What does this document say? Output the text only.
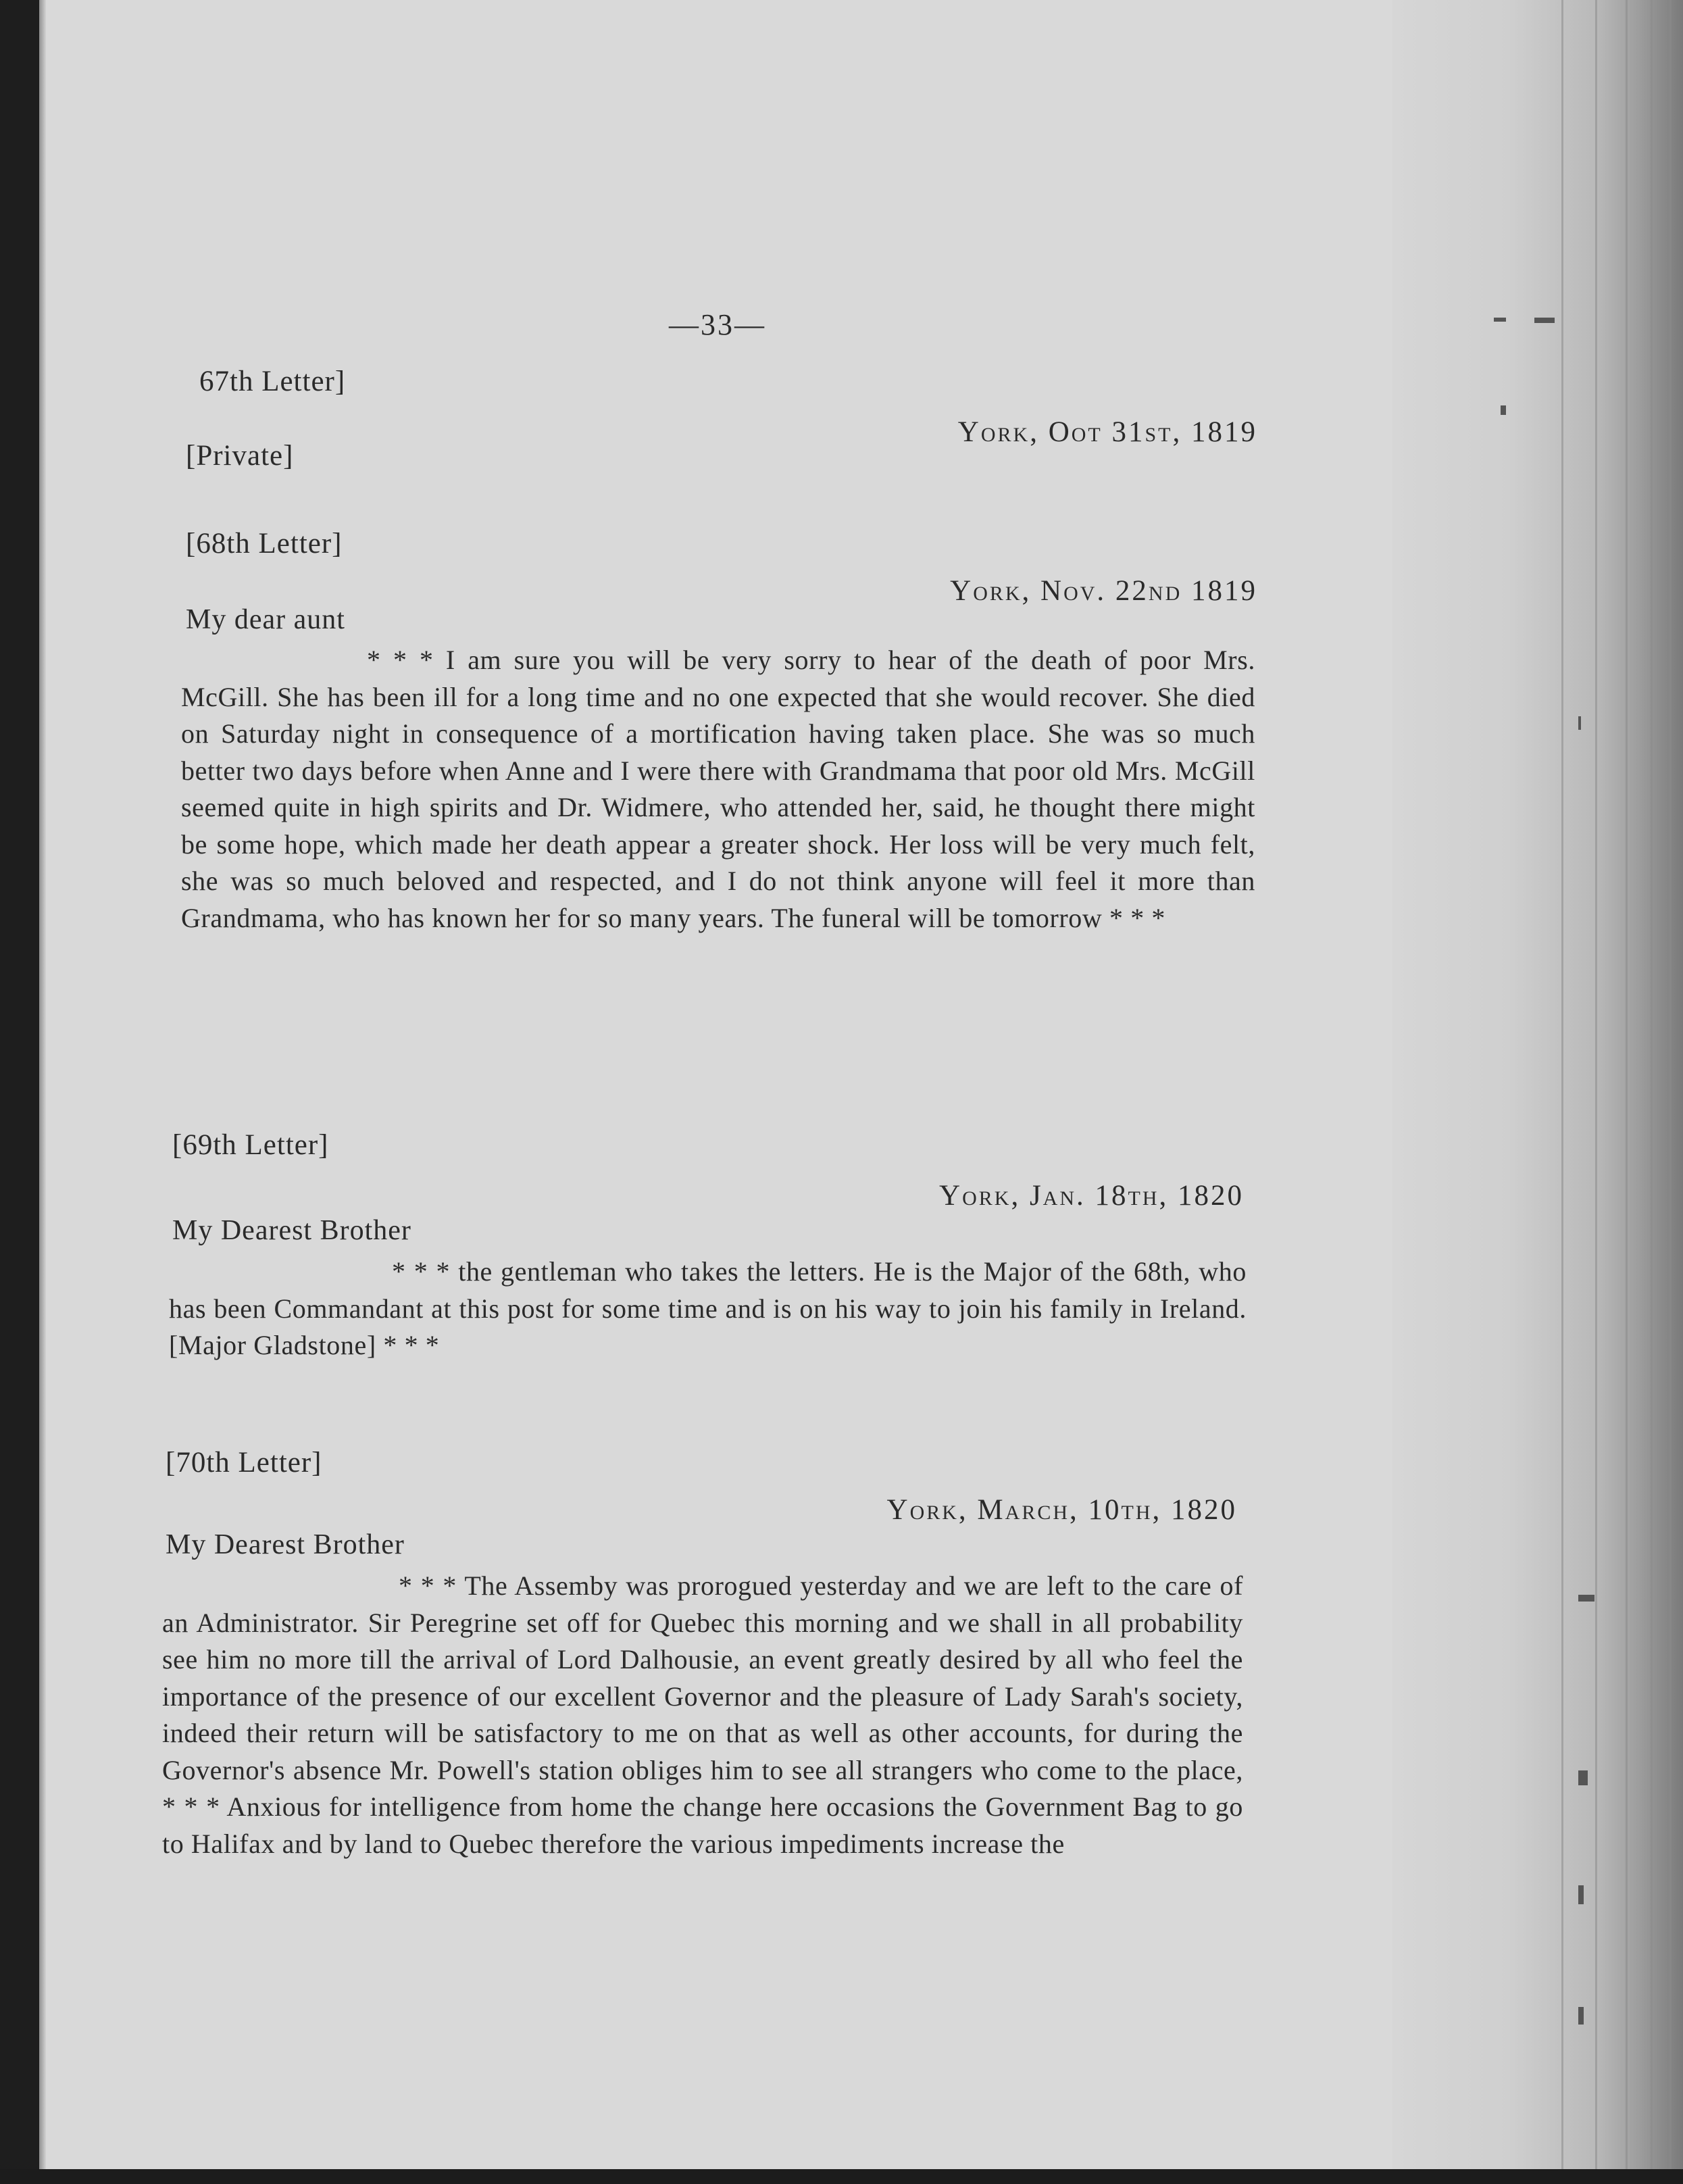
—33—
67th Letter]
[Private]
York, Oot 31st, 1819
[68th Letter]
York, Nov. 22nd 1819
My dear aunt
* * * I am sure you will be very sorry to hear of the death of poor Mrs. McGill. She has been ill for a long time and no one expected that she would recover. She died on Saturday night in consequence of a mortification having taken place. She was so much better two days before when Anne and I were there with Grandmama that poor old Mrs. McGill seemed quite in high spirits and Dr. Widmere, who attended her, said, he thought there might be some hope, which made her death appear a greater shock. Her loss will be very much felt, she was so much beloved and respected, and I do not think anyone will feel it more than Grandmama, who has known her for so many years. The funeral will be tomorrow * * *
[69th Letter]
York, Jan. 18th, 1820
My Dearest Brother
* * * the gentleman who takes the letters. He is the Major of the 68th, who has been Commandant at this post for some time and is on his way to join his family in Ireland. [Major Gladstone] * * *
[70th Letter]
York, March, 10th, 1820
My Dearest Brother
* * * The Assemby was prorogued yesterday and we are left to the care of an Administrator. Sir Peregrine set off for Quebec this morning and we shall in all probability see him no more till the arrival of Lord Dalhousie, an event greatly desired by all who feel the importance of the presence of our excellent Governor and the pleasure of Lady Sarah's society, indeed their return will be satisfactory to me on that as well as other accounts, for during the Governor's absence Mr. Powell's station obliges him to see all strangers who come to the place, * * * Anxious for intelligence from home the change here occasions the Government Bag to go to Halifax and by land to Quebec therefore the various impediments increase the
